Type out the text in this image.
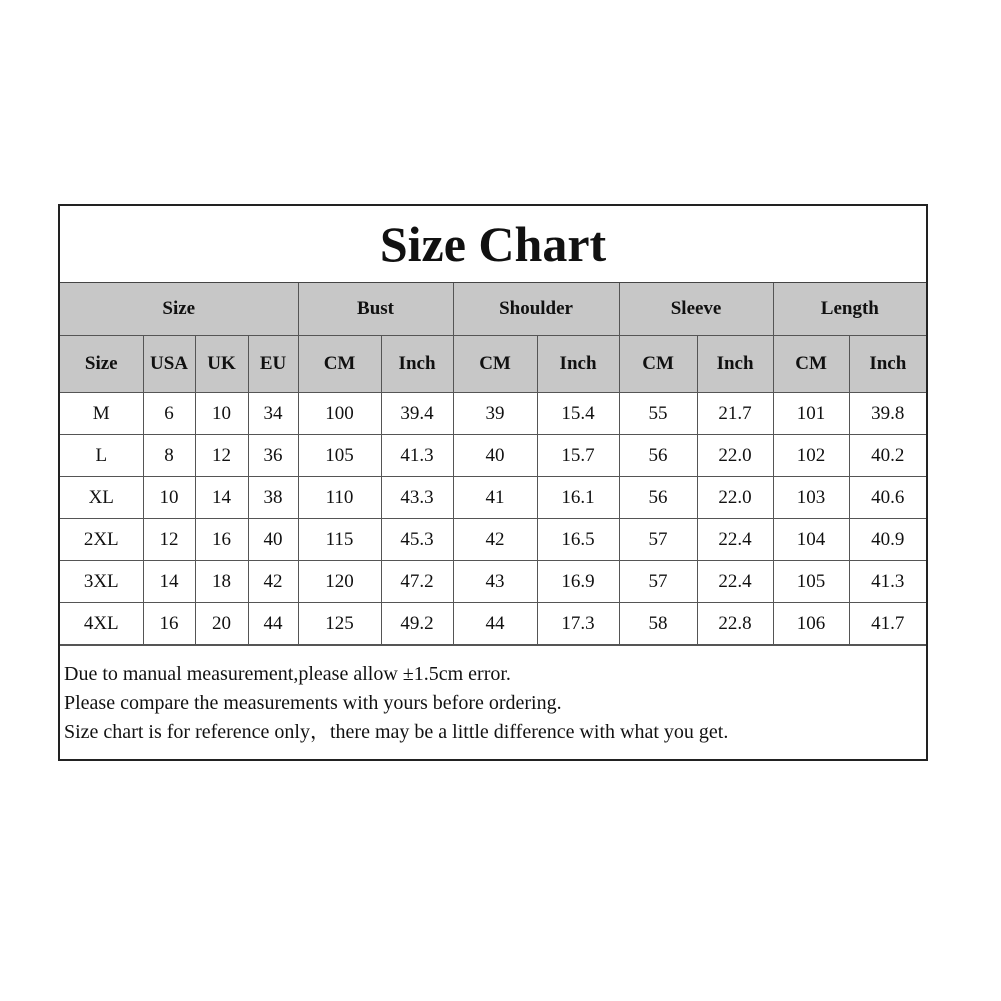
Size Chart
Size				Bust		Shoulder		Sleeve		Length	
Size	USA	UK	EU	CM	Inch	CM	Inch	CM	Inch	CM	Inch
M	6	10	34	100	39.4	39	15.4	55	21.7	101	39.8
L	8	12	36	105	41.3	40	15.7	56	22.0	102	40.2
XL	10	14	38	110	43.3	41	16.1	56	22.0	103	40.6
2XL	12	16	40	115	45.3	42	16.5	57	22.4	104	40.9
3XL	14	18	42	120	47.2	43	16.9	57	22.4	105	41.3
4XL	16	20	44	125	49.2	44	17.3	58	22.8	106	41.7
Due to manual measurement,please allow ±1.5cm error.
Please compare the measurements with yours before ordering.
Size chart is for reference only，there may be a little difference with what you get.
